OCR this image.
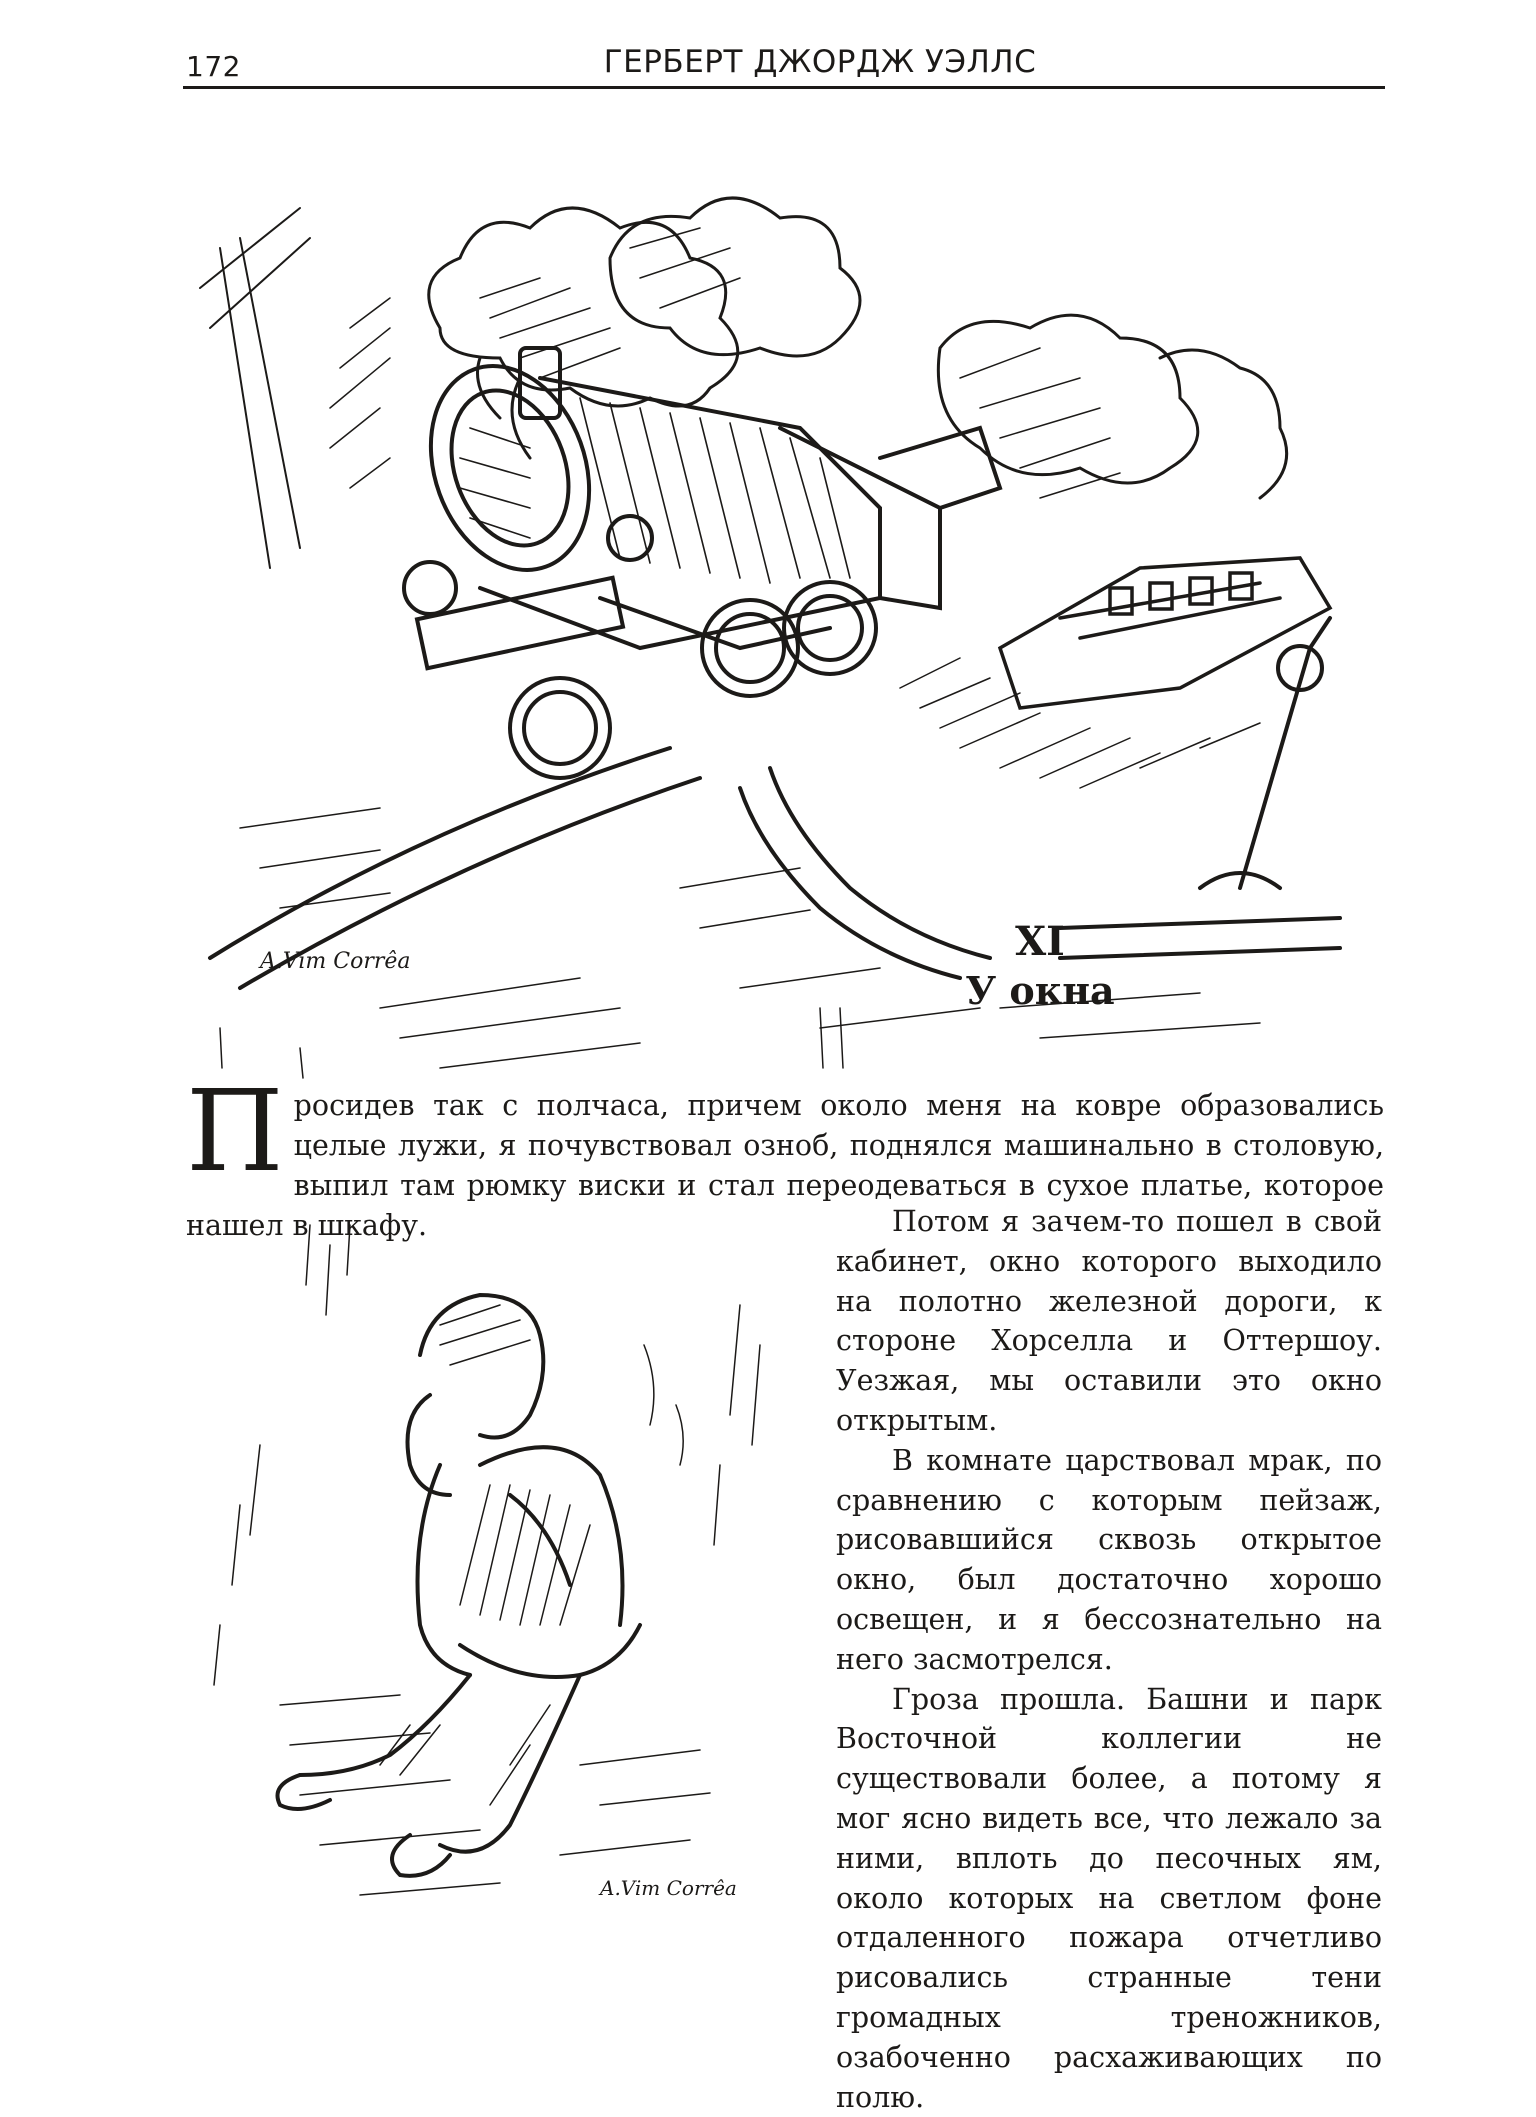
172	ГЕРБЕРТ ДЖОРДЖ УЭЛЛС
A.Vim Corrêa
A.Vim Corrêa
XI
У окна

Просидев так с полчаса, причем около меня на ковре образовались целые лужи, я почувствовал озноб, поднялся машинально в столовую, выпил там рюмку виски и стал переодеваться в сухое платье, которое нашел в шкафу.	Потом я зачем-то пошел в свой кабинет, окно которого выходило на полотно железной дороги, к стороне Хорселла и Оттершоу. Уезжая, мы оставили это окно открытым.

В комнате царствовал мрак, по сравнению с которым пейзаж, рисовавшийся сквозь открытое окно, был достаточно хорошо освещен, и я бессознательно на него засмотрелся.

Гроза прошла. Башни и парк Восточной коллегии не существовали более, а потому я мог ясно видеть все, что лежало за ними, вплоть до песочных ям, около которых на светлом фоне отдаленного пожара отчетливо рисовались странные тени громадных треножников, озабоченно расхаживающих по полю.
